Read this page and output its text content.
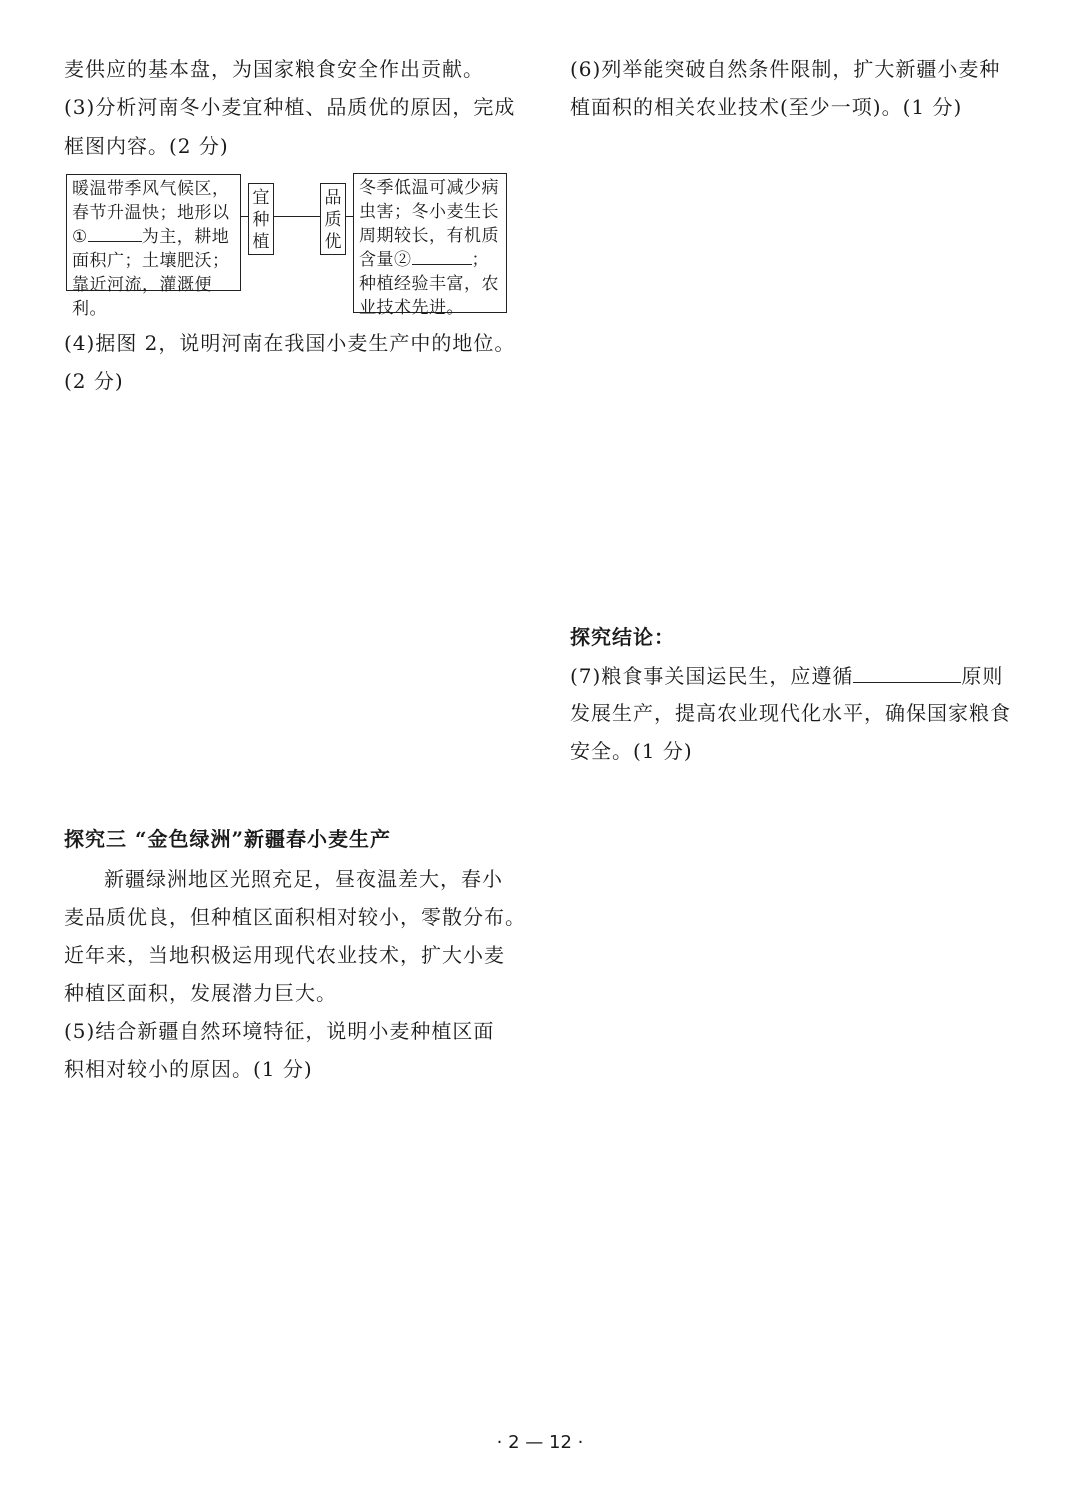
麦供应的基本盘，为国家粮食安全作出贡献。
(3)分析河南冬小麦宜种植、品质优的原因，完成
框图内容。(2 分)
暖温带季风气候区，
春节升温快；地形以
①	为主，耕地
面积广；土壤肥沃；
靠近河流，灌溉便利。
宜
种
植
品
质
优
冬季低温可减少病
虫害；冬小麦生长
周期较长，有机质
含量②	；
种植经验丰富，农
业技术先进。
(4)据图 2，说明河南在我国小麦生产中的地位。
(2 分)
探究三 “金色绿洲”新疆春小麦生产
新疆绿洲地区光照充足，昼夜温差大，春小
麦品质优良，但种植区面积相对较小，零散分布。
近年来，当地积极运用现代农业技术，扩大小麦
种植区面积，发展潜力巨大。
(5)结合新疆自然环境特征，说明小麦种植区面
积相对较小的原因。(1 分)
(6)列举能突破自然条件限制，扩大新疆小麦种
植面积的相关农业技术(至少一项)。(1 分)
探究结论：
(7)粮食事关国运民生，应遵循	原则
发展生产，提高农业现代化水平，确保国家粮食
安全。(1 分)
· 2 — 12 ·
